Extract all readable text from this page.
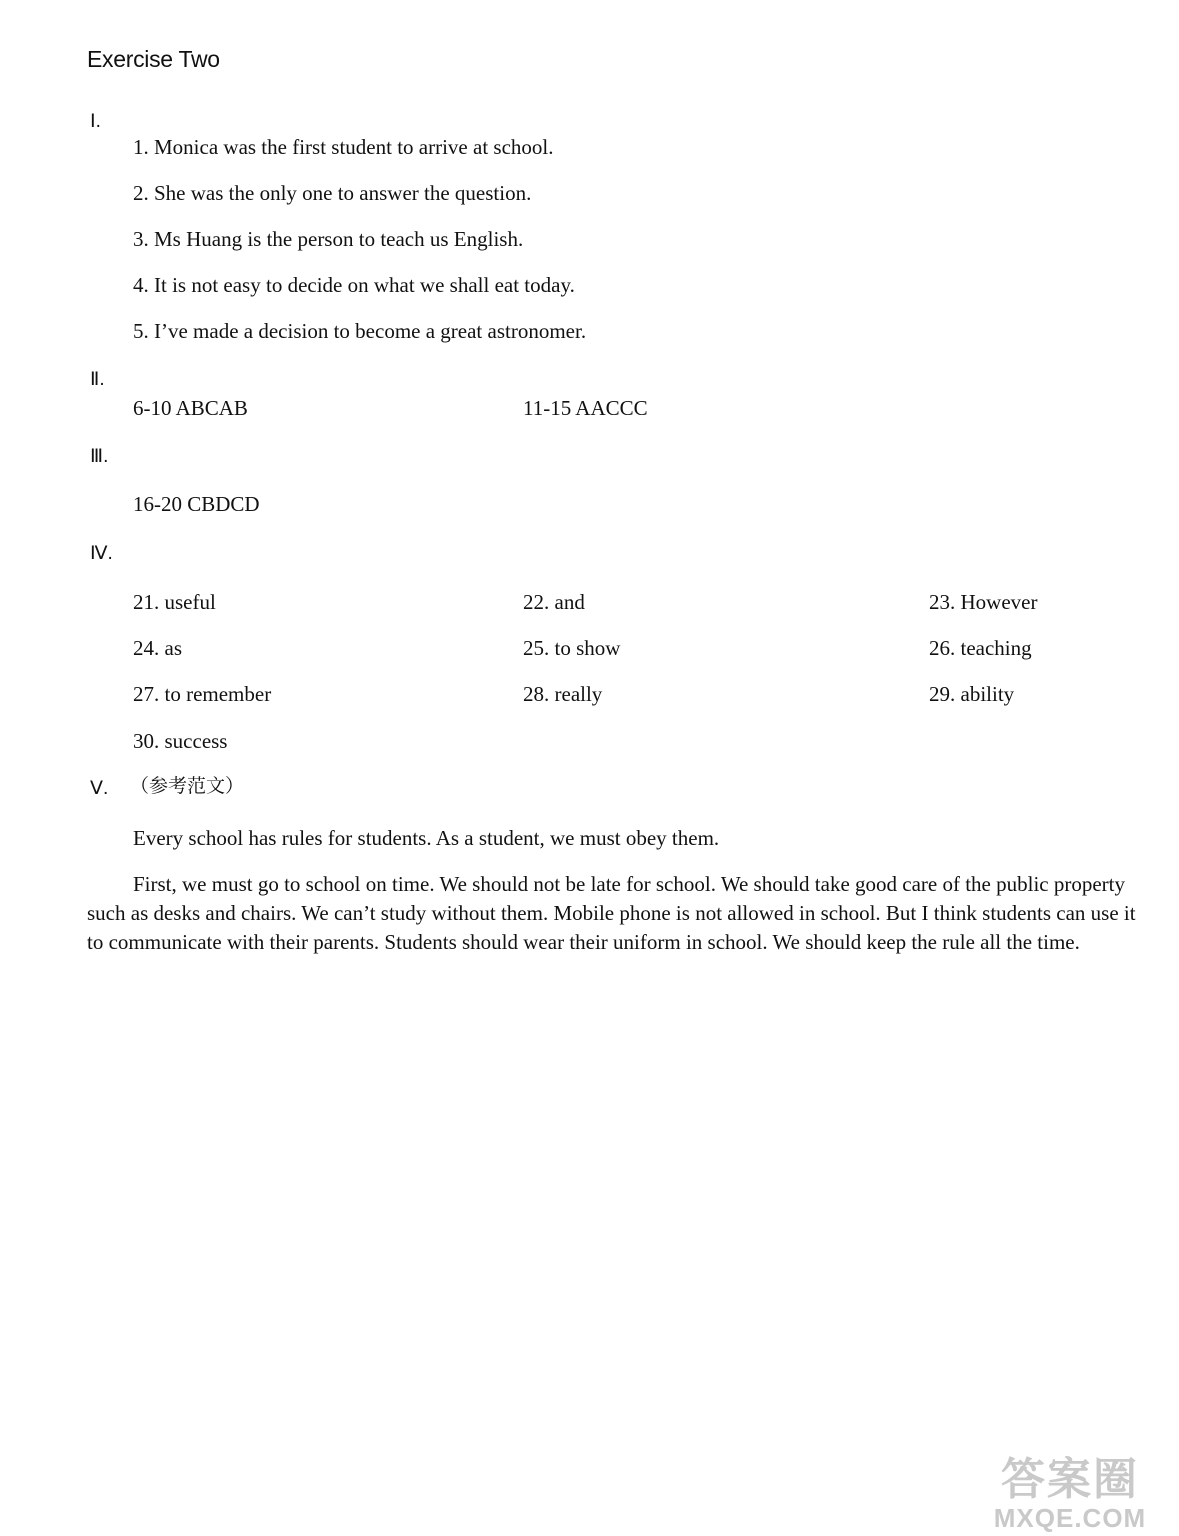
Exercise Two
Ⅰ.
1. Monica was the first student to arrive at school.
2. She was the only one to answer the question.
3. Ms Huang is the person to teach us English.
4. It is not easy to decide on what we shall eat today.
5. I’ve made a decision to become a great astronomer.
Ⅱ.
6-10 ABCAB	11-15 AACCC
Ⅲ.
16-20 CBDCD
Ⅳ.
21. useful	22. and	23. However
24. as	25. to show	26. teaching
27. to remember	28. really	29. ability
30. success
Ⅴ. （参考范文）
Every school has rules for students. As a student, we must obey them.

First, we must go to school on time. We should not be late for school. We should take good care of the public property such as desks and chairs. We can’t study without them. Mobile phone is not allowed in school. But I think students can use it to communicate with their parents. Students should wear their uniform in school. We should keep the rule all the time.

答案圈
MXQE.COM
